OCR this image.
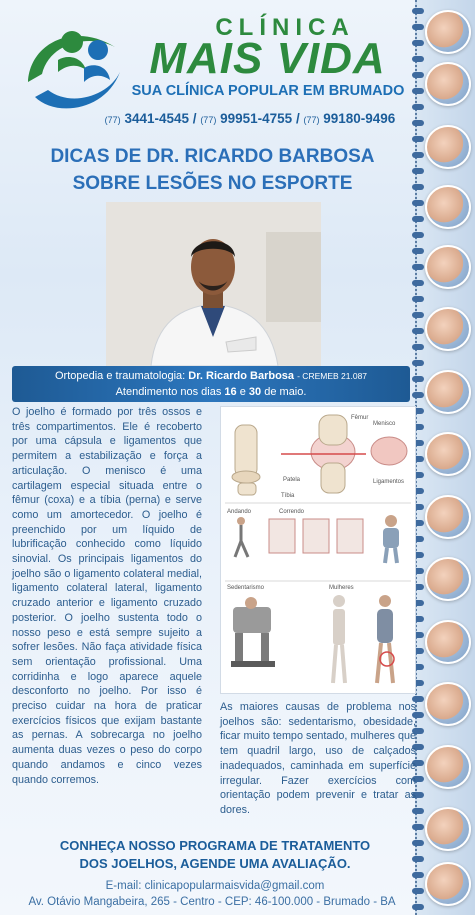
CLÍNICA
MAIS VIDA
SUA CLÍNICA POPULAR EM BRUMADO
(77) 3441-4545 / (77) 99951-4755 / (77) 99180-9496
DICAS DE DR. RICARDO BARBOSA
SOBRE LESÕES NO ESPORTE
Ortopedia e traumatologia: Dr. Ricardo Barbosa - CREMEB 21.087
Atendimento nos dias 16 e 30 de maio.

O joelho é formado por três ossos e três compartimentos. Ele é recoberto por uma cápsula e ligamentos que permitem a estabilização e força a articulação. O menisco é uma cartilagem especial situada entre o fêmur (coxa) e a tíbia (perna) e serve como um amortecedor. O joelho é preenchido por um líquido de lubrificação conhecido como líquido sinovial. Os principais ligamentos do joelho são o ligamento colateral medial, ligamento colateral lateral, ligamento cruzado anterior e ligamento cruzado posterior. O joelho sustenta todo o nosso peso e está sempre sujeito a sofrer lesões. Não faça atividade física sem orientação profissional. Uma corridinha e logo aparece aquele desconforto no joelho. Por isso é preciso cuidar na hora de praticar exercícios físicos que exijam bastante as pernas. A sobrecarga no joelho aumenta duas vezes o peso do corpo quando andamos e cinco vezes quando corremos.

Patela
Fêmur
Tíbia
Menisco
Ligamentos
Andando	Correndo
Sedentarismo	Mulheres

As maiores causas de problema nos joelhos são: sedentarismo, obesidade, ficar muito tempo sentado, mulheres que tem quadril largo, uso de calçados inadequados, caminhada em superfície irregular. Fazer exercícios com orientação podem prevenir e tratar as dores.

CONHEÇA NOSSO PROGRAMA DE TRATAMENTO
DOS JOELHOS, AGENDE UMA AVALIAÇÃO.
E-mail: clinicapopularmaisvida@gmail.com
Av. Otávio Mangabeira, 265 - Centro - CEP: 46-100.000 - Brumado - BA
